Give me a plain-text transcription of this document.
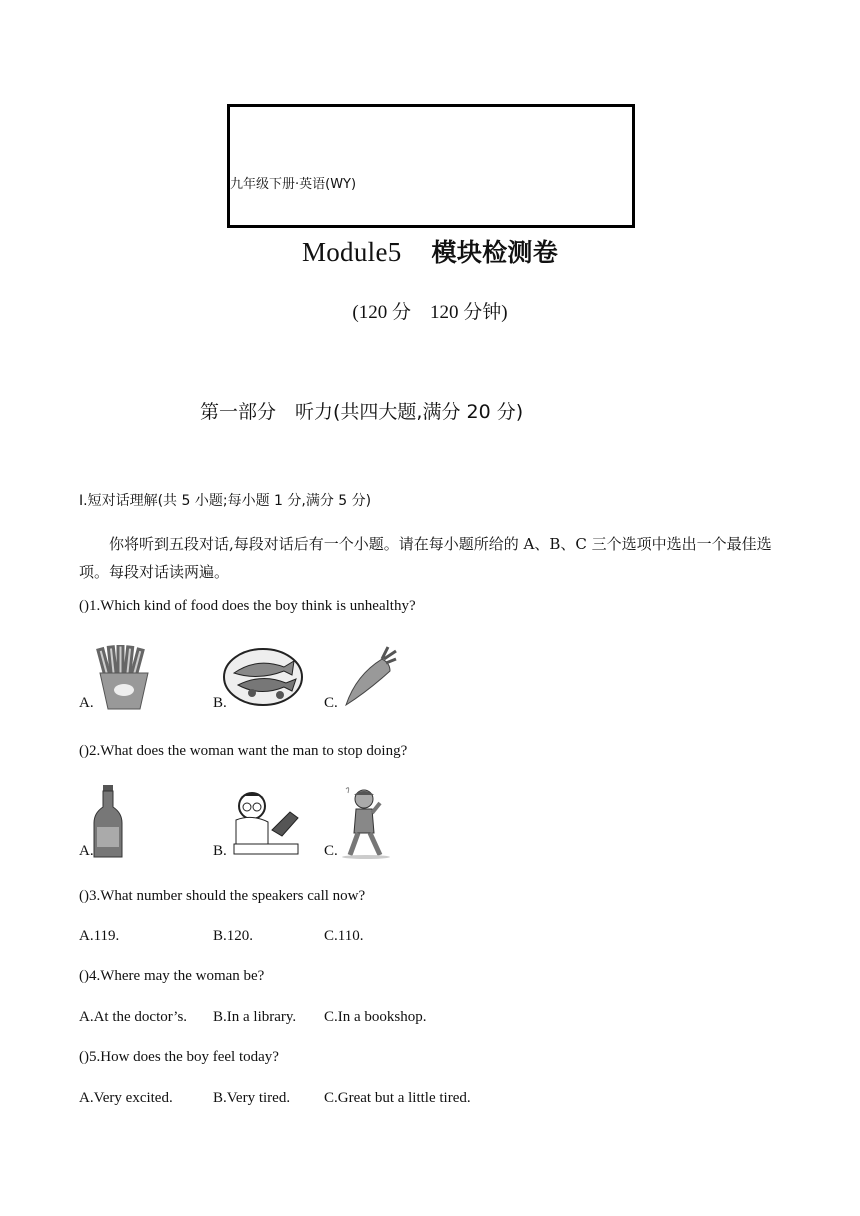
九年级下册·英语(WY)
Module5 模块检测卷
(120 分　120 分钟)
第一部分　听力(共四大题,满分 20 分)
Ⅰ.短对话理解(共 5 小题;每小题 1 分,满分 5 分)
你将听到五段对话,每段对话后有一个小题。请在每小题所给的 A、B、C 三个选项中选出一个最佳选项。每段对话读两遍。
()1.Which kind of food does the boy think is unhealthy?
A.	B.	C.
()2.What does the woman want the man to stop doing?
A.	B.	C.
()3.What number should the speakers call now?
A.119.	B.120.	C.110.
()4.Where may the woman be?
A.At the doctor’s. B.In a library. C.In a bookshop.
()5.How does the boy feel today?
A.Very excited.	B.Very tired. C.Great but a little tired.
